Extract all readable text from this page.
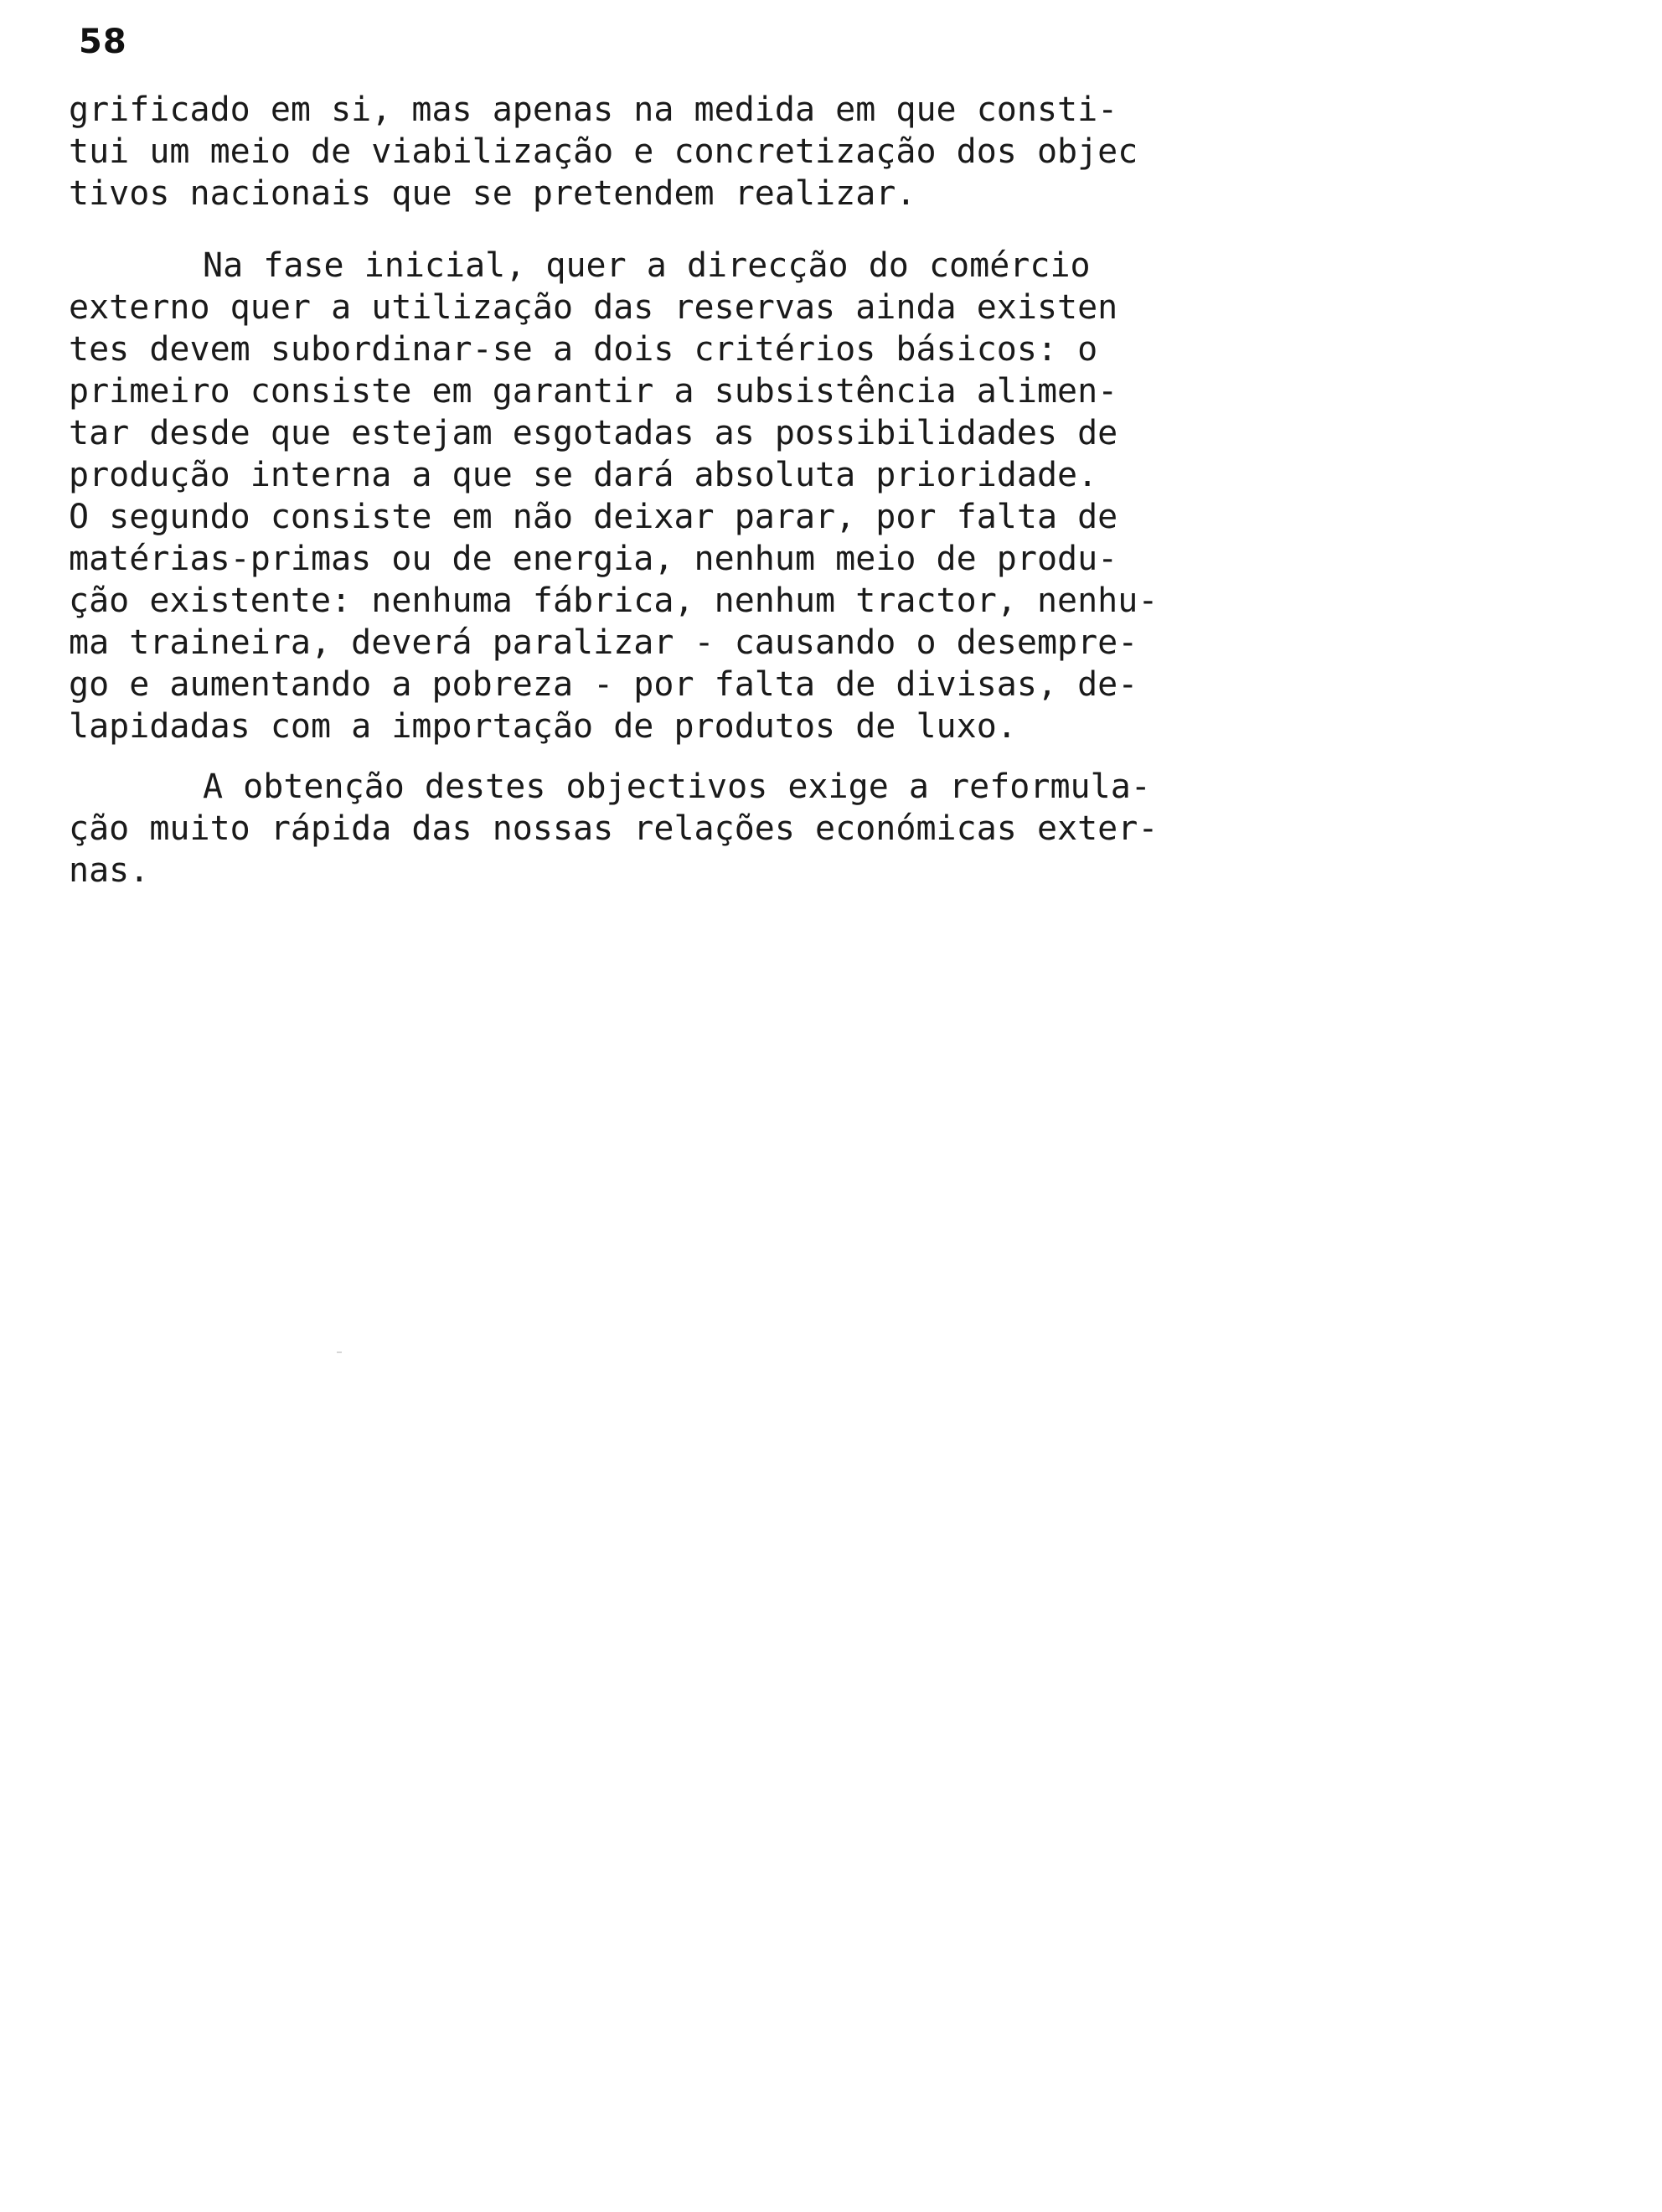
58
grificado em si, mas apenas na medida em que consti-
tui um meio de viabilização e concretização dos objec
tivos nacionais que se pretendem realizar.
Na fase inicial, quer a direcção do comércio
externo quer a utilização das reservas ainda existen
tes devem subordinar-se a dois critérios básicos: o
primeiro consiste em garantir a subsistência alimen-
tar desde que estejam esgotadas as possibilidades de
produção interna a que se dará absoluta prioridade.
O segundo consiste em não deixar parar, por falta de
matérias-primas ou de energia, nenhum meio de produ-
ção existente: nenhuma fábrica, nenhum tractor, nenhu-
ma traineira, deverá paralizar - causando o desempre-
go e aumentando a pobreza - por falta de divisas, de-
lapidadas com a importação de produtos de luxo.
A obtenção destes objectivos exige a reformula-
ção muito rápida das nossas relações económicas exter-
nas.
